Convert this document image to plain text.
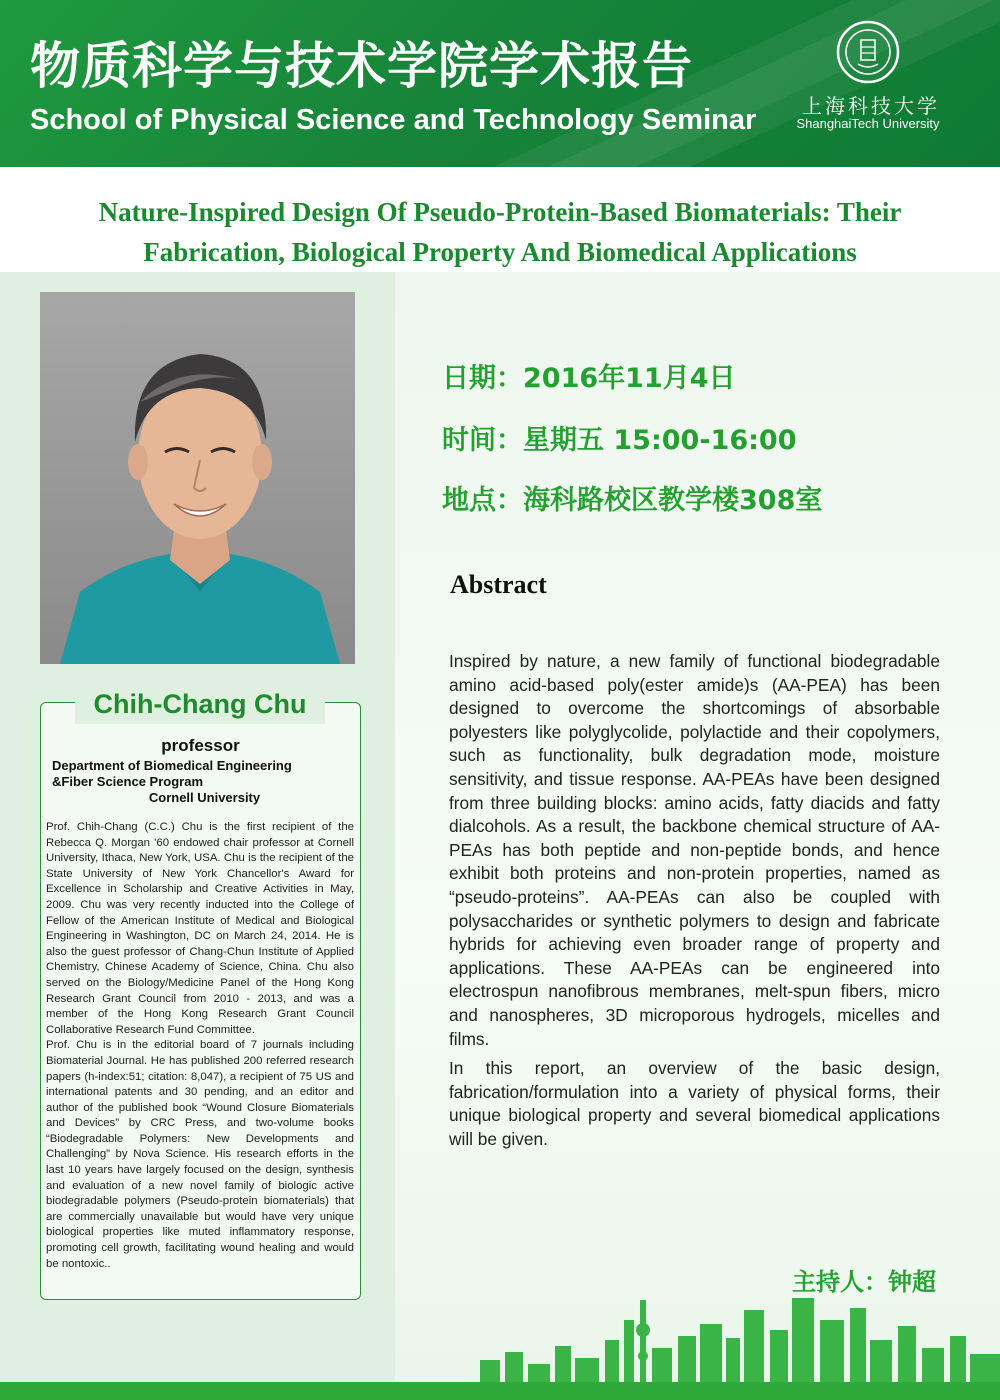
物质科学与技术学院学术报告
School of Physical Science and Technology Seminar	上海科技大学
ShanghaiTech University
Nature-Inspired Design Of Pseudo-Protein-Based Biomaterials: Their
Fabrication, Biological Property And Biomedical Applications
Chih-Chang Chu
professor
Department of Biomedical Engineering
&Fiber Science Program
Cornell University

Prof. Chih-Chang (C.C.) Chu is the first recipient of the Rebecca Q. Morgan '60 endowed chair professor at Cornell University, Ithaca, New York, USA. Chu is the recipient of the State University of New York Chancellor's Award for Excellence in Scholarship and Creative Activities in May, 2009. Chu was very recently inducted into the College of Fellow of the American Institute of Medical and Biological Engineering in Washington, DC on March 24, 2014. He is also the guest professor of Chang-Chun Institute of Applied Chemistry, Chinese Academy of Science, China. Chu also served on the Biology/Medicine Panel of the Hong Kong Research Grant Council from 2010 - 2013, and was a member of the Hong Kong Research Grant Council Collaborative Research Fund Committee.

Prof. Chu is in the editorial board of 7 journals including Biomaterial Journal. He has published 200 referred research papers (h-index:51; citation: 8,047), a recipient of 75 US and international patents and 30 pending, and an editor and author of the published book “Wound Closure Biomaterials and Devices” by CRC Press, and two-volume books “Biodegradable Polymers: New Developments and Challenging” by Nova Science. His research efforts in the last 10 years have largely focused on the design, synthesis and evaluation of a new novel family of biologic active biodegradable polymers (Pseudo-protein biomaterials) that are commercially unavailable but would have very unique biological properties like muted inflammatory response, promoting cell growth, facilitating wound healing and would be nontoxic..

日期：2016年11月4日
时间：星期五 15:00-16:00
地点：海科路校区教学楼308室
Abstract

Inspired by nature, a new family of functional biodegradable amino acid-based poly(ester amide)s (AA-PEA) has been designed to overcome the shortcomings of absorbable polyesters like polyglycolide, polylactide and their copolymers, such as functionality, bulk degradation mode, moisture sensitivity, and tissue response. AA-PEAs have been designed from three building blocks: amino acids, fatty diacids and fatty dialcohols. As a result, the backbone chemical structure of AA-PEAs has both peptide and non-peptide bonds, and hence exhibit both proteins and non-protein properties, named as “pseudo-proteins”. AA-PEAs can also be coupled with polysaccharides or synthetic polymers to design and fabricate hybrids for achieving even broader range of property and applications. These AA-PEAs can be engineered into electrospun nanofibrous membranes, melt-spun fibers, micro and nanospheres, 3D microporous hydrogels, micelles and films.

In this report, an overview of the basic design, fabrication/formulation into a variety of physical forms, their unique biological property and several biomedical applications will be given.

主持人：钟超
